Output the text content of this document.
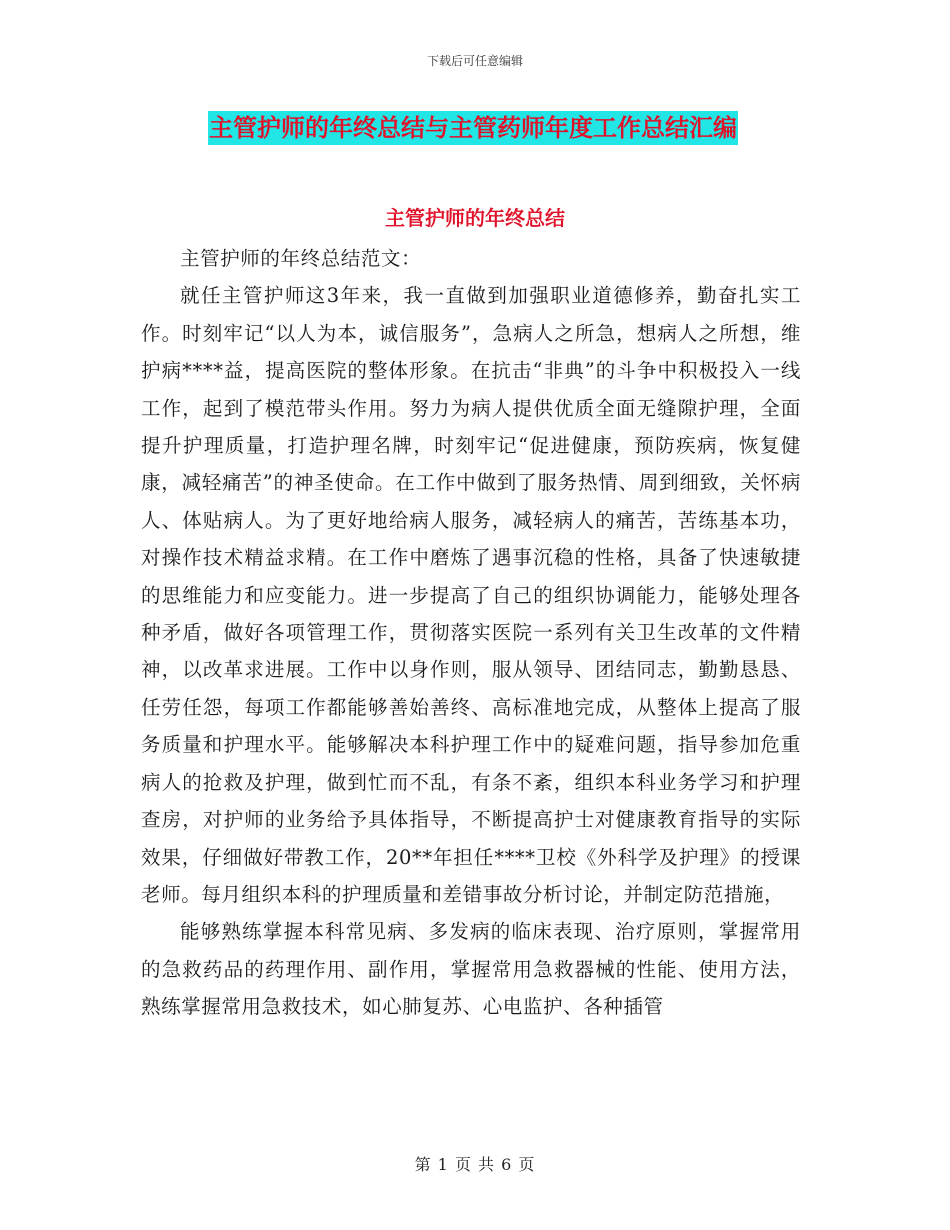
下载后可任意编辑
主管护师的年终总结与主管药师年度工作总结汇编
主管护师的年终总结

主管护师的年终总结范文：

就任主管护师这3年来，我一直做到加强职业道德修养，勤奋扎实工作。时刻牢记“以人为本，诚信服务”，急病人之所急，想病人之所想，维护病****益，提高医院的整体形象。在抗击“非典”的斗争中积极投入一线工作，起到了模范带头作用。努力为病人提供优质全面无缝隙护理，全面提升护理质量，打造护理名牌，时刻牢记“促进健康，预防疾病，恢复健康，减轻痛苦”的神圣使命。在工作中做到了服务热情、周到细致，关怀病人、体贴病人。为了更好地给病人服务，减轻病人的痛苦，苦练基本功，对操作技术精益求精。在工作中磨炼了遇事沉稳的性格，具备了快速敏捷的思维能力和应变能力。进一步提高了自己的组织协调能力，能够处理各种矛盾，做好各项管理工作，贯彻落实医院一系列有关卫生改革的文件精神，以改革求进展。工作中以身作则，服从领导、团结同志，勤勤恳恳、任劳任怨，每项工作都能够善始善终、高标准地完成，从整体上提高了服务质量和护理水平。能够解决本科护理工作中的疑难问题，指导参加危重病人的抢救及护理，做到忙而不乱，有条不紊，组织本科业务学习和护理查房，对护师的业务给予具体指导，不断提高护士对健康教育指导的实际效果，仔细做好带教工作，20**年担任****卫校《外科学及护理》的授课老师。每月组织本科的护理质量和差错事故分析讨论，并制定防范措施，

能够熟练掌握本科常见病、多发病的临床表现、治疗原则，掌握常用的急救药品的药理作用、副作用，掌握常用急救器械的性能、使用方法，熟练掌握常用急救技术，如心肺复苏、心电监护、各种插管

第 1 页 共 6 页
